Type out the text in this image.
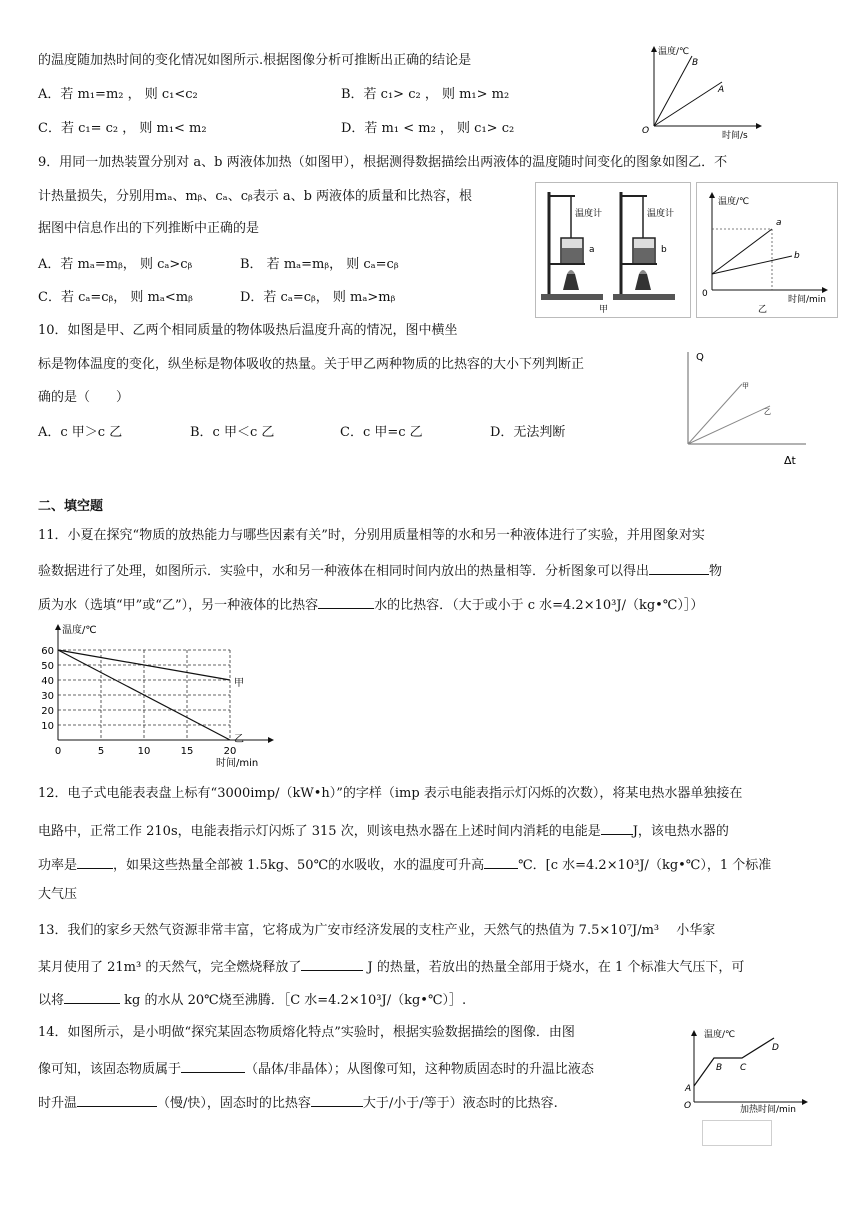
的温度随加热时间的变化情况如图所示.根据图像分析可推断出正确的结论是
A．若 m₁=m₂ ， 则 c₁<c₂	B．若 c₁> c₂ ， 则 m₁> m₂
C．若 c₁= c₂ ， 则 m₁< m₂	D．若 m₁ < m₂ ， 则 c₁> c₂
温度/℃
B
A
O	时间/s
9．用同一加热装置分别对 a、b 两液体加热（如图甲），根据测得数据描绘出两液体的温度随时间变化的图象如图乙．不
计热量损失，分别用mₐ、mᵦ、cₐ、cᵦ表示 a、b 两液体的质量和比热容，根
据图中信息作出的下列推断中正确的是
A．若 mₐ=mᵦ， 则 cₐ>cᵦ	B． 若 mₐ=mᵦ， 则 cₐ=cᵦ
C．若 cₐ=cᵦ， 则 mₐ<mᵦ	D．若 cₐ=cᵦ， 则 mₐ>mᵦ
温度计
a
温度计
b
甲
温度/℃
a
b
0
时间/min
乙
10．如图是甲、乙两个相同质量的物体吸热后温度升高的情况，图中横坐
标是物体温度的变化，纵坐标是物体吸收的热量。关于甲乙两种物质的比热容的大小下列判断正
确的是（　　）
A．c 甲＞c 乙	B．c 甲＜c 乙	C．c 甲=c 乙	D．无法判断
Q
甲
乙
Δt
二、填空题
11．小夏在探究“物质的放热能力与哪些因素有关”时，分别用质量相等的水和另一种液体进行了实验，并用图象对实
验数据进行了处理，如图所示．实验中，水和另一种液体在相同时间内放出的热量相等．分析图象可以得出	物
质为水（选填“甲”或“乙”），另一种液体的比热容	水的比热容．（大于或小于 c 水=4.2×10³J/（kg•℃）］）
甲
乙
10
20
30
40
50
60
0	5	10	15	20
温度/℃
时间/min
12．电子式电能表表盘上标有“3000imp/（kW•h）”的字样（imp 表示电能表指示灯闪烁的次数），将某电热水器单独接在
电路中，正常工作 210s，电能表指示灯闪烁了 315 次，则该电热水器在上述时间内消耗的电能是 J，该电热水器的
功率是	，如果这些热量全部被 1.5kg、50℃的水吸收，水的温度可升高	℃．[c 水=4.2×10³J/（kg•℃），1 个标准
大气压
13．我们的家乡天然气资源非常丰富，它将成为广安市经济发展的支柱产业，天然气的热值为 7.5×10⁷J/m³　 小华家
某月使用了 21m³ 的天然气，完全燃烧释放了	J 的热量，若放出的热量全部用于烧水，在 1 个标准大气压下，可
以将	kg 的水从 20℃烧至沸腾．［C 水=4.2×10³J/（kg•℃）］.
14．如图所示，是小明做“探究某固态物质熔化特点”实验时，根据实验数据描绘的图像．由图
像可知，该固态物质属于	（晶体/非晶体）；从图像可知，这种物质固态时的升温比液态
时升温	（慢/快），固态时的比热容	大于/小于/等于）液态时的比热容.
温度/℃
A
B C
D
O	加热时间/min
